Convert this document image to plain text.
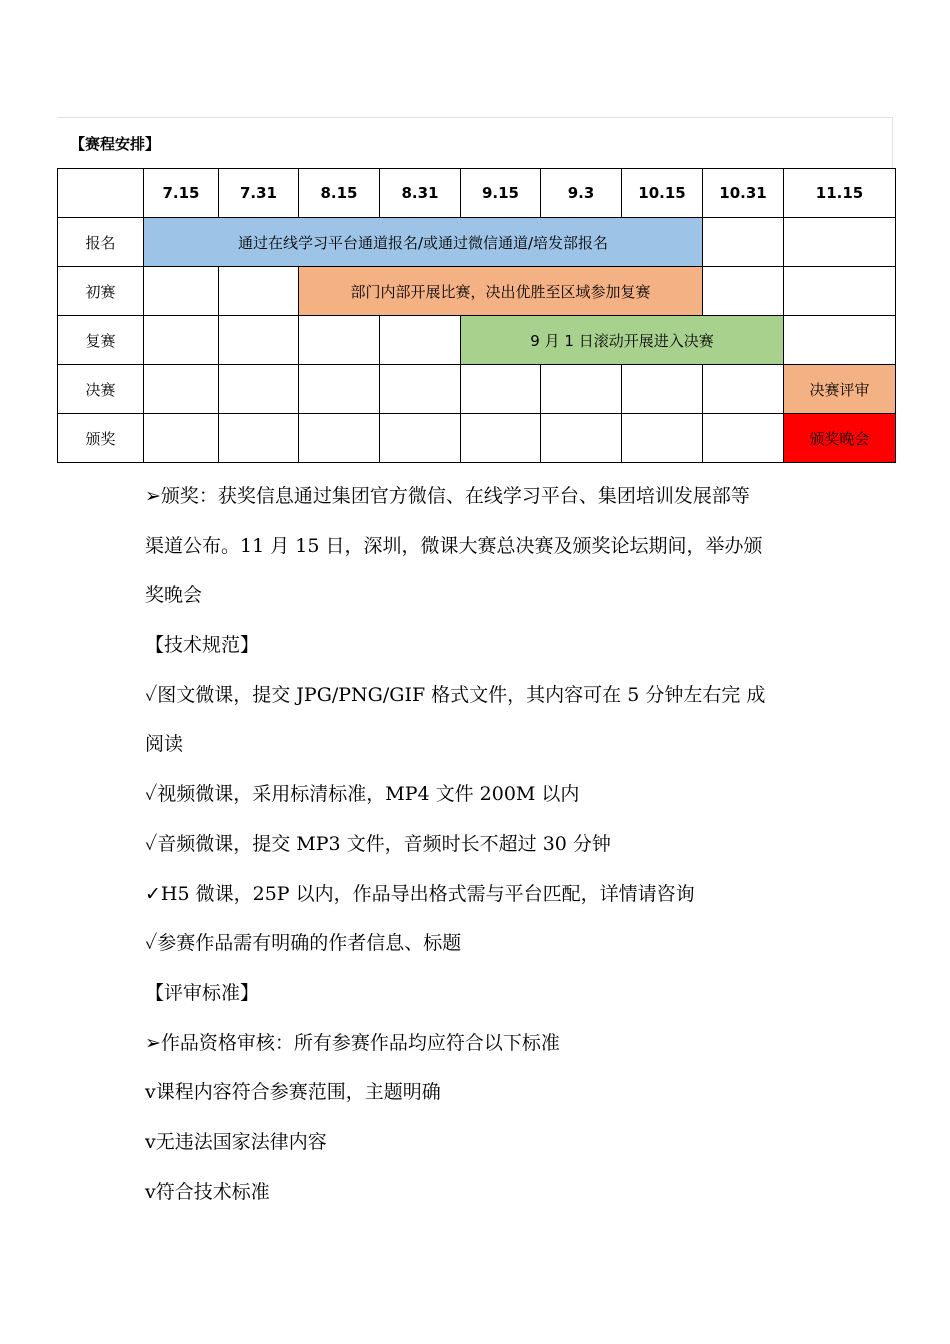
【赛程安排】
	7.15	7.31	8.15	8.31	9.15	9.3	10.15	10.31	11.15
报名	通过在线学习平台通道报名/或通过微信通道/培发部报名								
初赛			部门内部开展比赛，决出优胜至区域参加复赛						
复赛					9 月 1 日滚动开展进入决赛				
决赛									决赛评审
颁奖									颁奖晚会
➢颁奖：获奖信息通过集团官方微信、在线学习平台、集团培训发展部等
渠道公布。11 月 15 日，深圳，微课大赛总决赛及颁奖论坛期间，举办颁
奖晚会
【技术规范】
✓图文微课，提交 JPG/PNG/GIF 格式文件，其内容可在 5 分钟左右完 成
阅读
✓视频微课，采用标清标准，MP4 文件 200M 以内
✓音频微课，提交 MP3 文件，音频时长不超过 30 分钟
✓H5 微课，25P 以内，作品导出格式需与平台匹配，详情请咨询
✓参赛作品需有明确的作者信息、标题
【评审标准】
➢作品资格审核：所有参赛作品均应符合以下标准
v课程内容符合参赛范围，主题明确
v无违法国家法律内容
v符合技术标准
